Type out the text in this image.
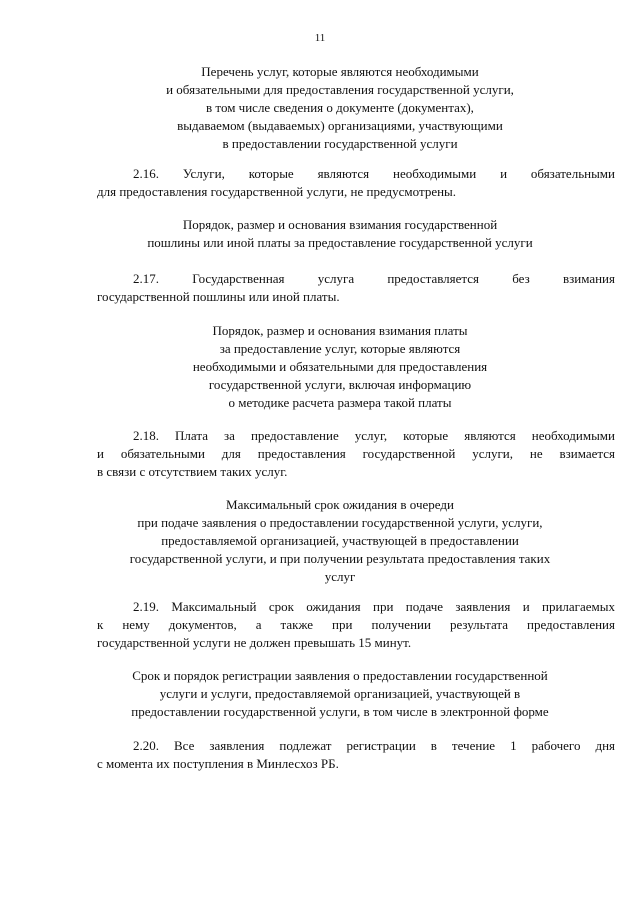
11
Перечень услуг, которые являются необходимыми
и обязательными для предоставления государственной услуги,
в том числе сведения о документе (документах),
выдаваемом (выдаваемых) организациями, участвующими
в предоставлении государственной услуги
2.16. Услуги, которые являются необходимыми и обязательными
для предоставления государственной услуги, не предусмотрены.
Порядок, размер и основания взимания государственной
пошлины или иной платы за предоставление государственной услуги
2.17. Государственная услуга предоставляется без взимания
государственной пошлины или иной платы.
Порядок, размер и основания взимания платы
за предоставление услуг, которые являются
необходимыми и обязательными для предоставления
государственной услуги, включая информацию
о методике расчета размера такой платы
2.18. Плата за предоставление услуг, которые являются необходимыми
и обязательными для предоставления государственной услуги, не взимается
в связи с отсутствием таких услуг.
Максимальный срок ожидания в очереди
при подаче заявления о предоставлении государственной услуги, услуги,
предоставляемой организацией, участвующей в предоставлении
государственной услуги, и при получении результата предоставления таких
услуг
2.19. Максимальный срок ожидания при подаче заявления и прилагаемых
к нему документов, а также при получении результата предоставления
государственной услуги не должен превышать 15 минут.
Срок и порядок регистрации заявления о предоставлении государственной
услуги и услуги, предоставляемой организацией, участвующей в
предоставлении государственной услуги, в том числе в электронной форме
2.20. Все заявления подлежат регистрации в течение 1 рабочего дня
с момента их поступления в Минлесхоз РБ.
